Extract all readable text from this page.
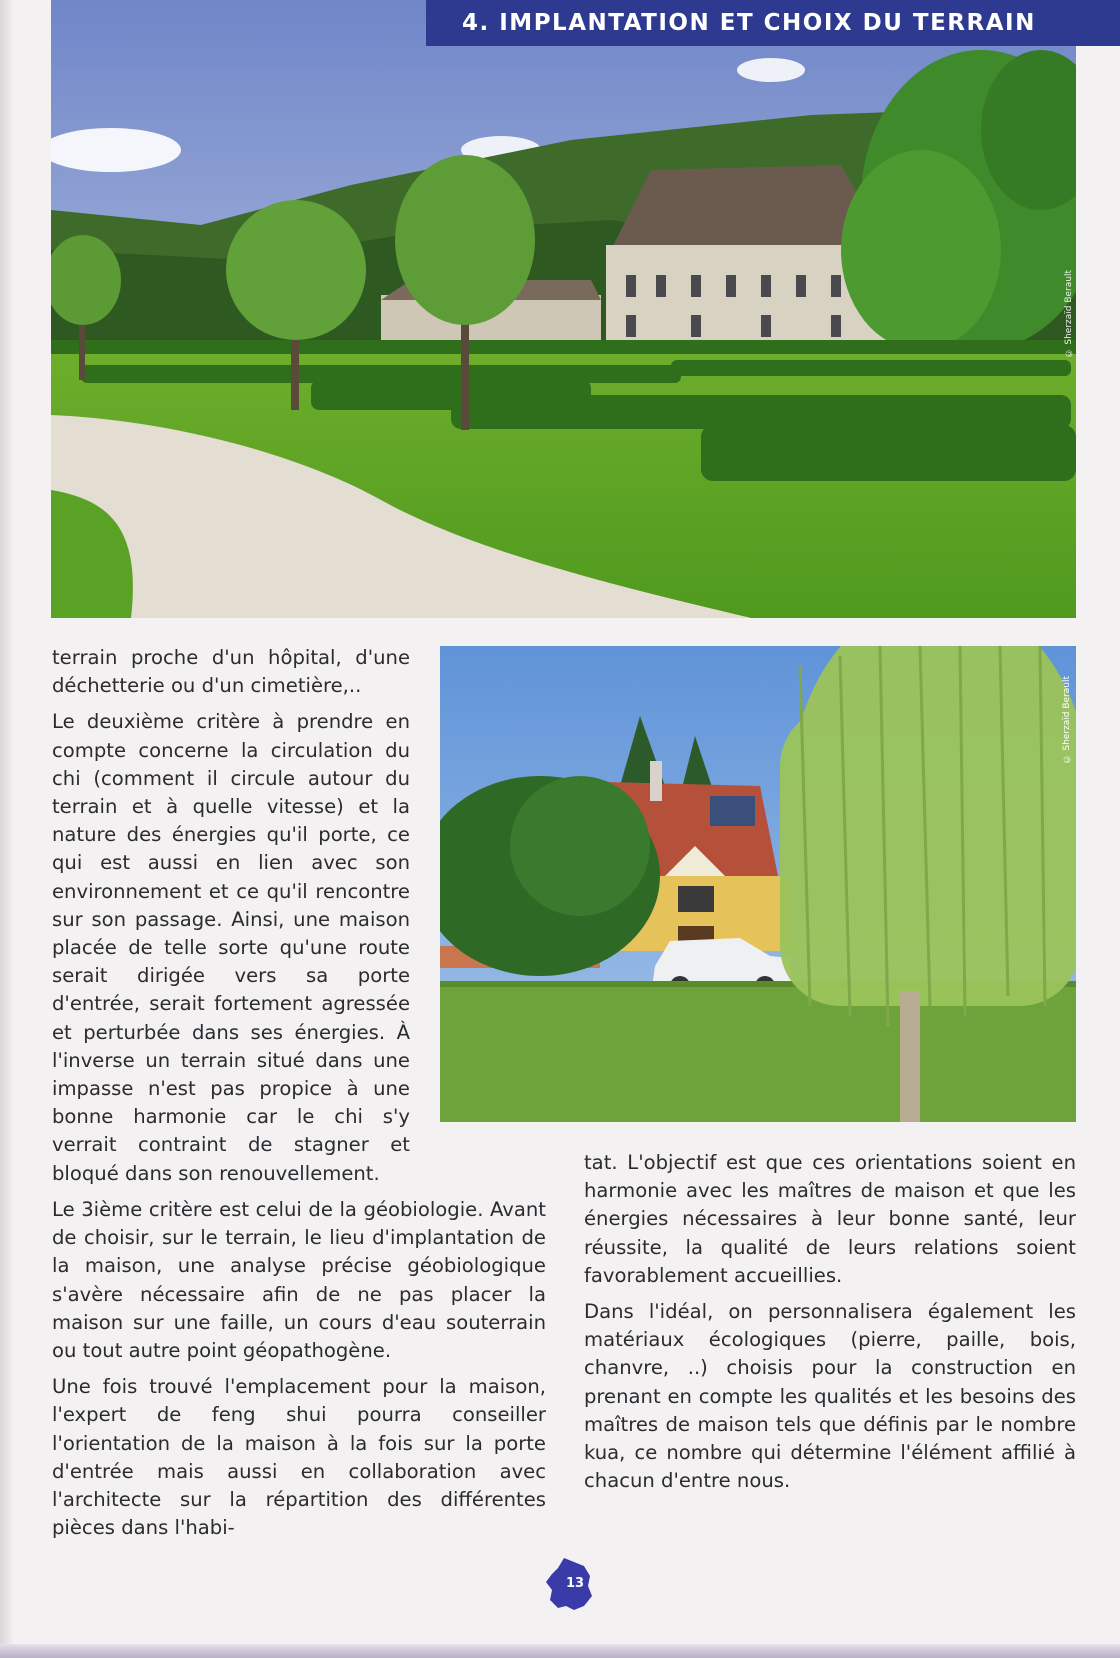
© Sherzaïd Berault
4. IMPLANTATION ET CHOIX DU TERRAIN
© Sherzaïd Berault

terrain proche d'un hôpital, d'une déchetterie ou d'un cimetière,..

Le deuxième critère à prendre en compte concerne la circulation du chi (comment il circule autour du terrain et à quelle vitesse) et la nature des énergies qu'il porte, ce qui est aussi en lien avec son environnement et ce qu'il rencontre sur son passage. Ainsi, une maison placée de telle sorte qu'une route serait dirigée vers sa porte d'entrée, serait fortement agressée et perturbée dans ses énergies. À l'inverse un terrain situé dans une impasse n'est pas propice à une bonne harmonie car le chi s'y verrait contraint de stagner et bloqué dans son renouvellement.

Le 3ième critère est celui de la géobiologie. Avant de choisir, sur le terrain, le lieu d'implantation de la maison, une analyse précise géobiologique s'avère nécessaire afin de ne pas placer la maison sur une faille, un cours d'eau souterrain ou tout autre point géopathogène.

Une fois trouvé l'emplacement pour la maison, l'expert de feng shui pourra conseiller l'orientation de la maison à la fois sur la porte d'entrée mais aussi en collaboration avec l'architecte sur la répartition des différentes pièces dans l'habi-

tat. L'objectif est que ces orientations soient en harmonie avec les maîtres de maison et que les énergies nécessaires à leur bonne santé, leur réussite, la qualité de leurs relations soient favorablement accueillies.

Dans l'idéal, on personnalisera également les matériaux écologiques (pierre, paille, bois, chanvre, ..) choisis pour la construction en prenant en compte les qualités et les besoins des maîtres de maison tels que définis par le nombre kua, ce nombre qui détermine l'élément affilié à chacun d'entre nous.

13
